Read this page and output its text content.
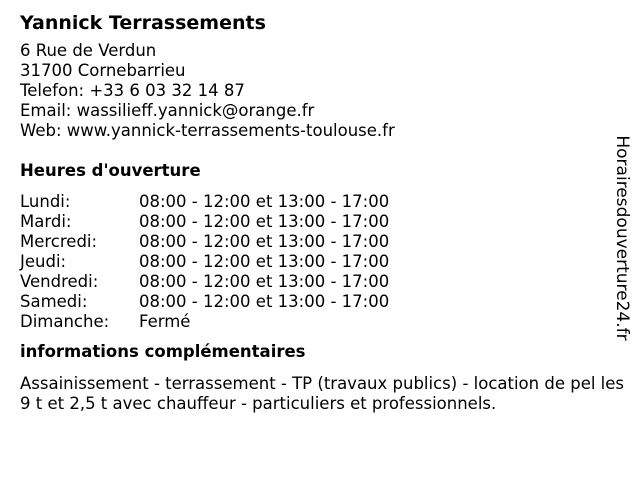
Yannick Terrassements
6 Rue de Verdun
31700 Cornebarrieu
Telefon: +33 6 03 32 14 87
Email: wassilieff.yannick@orange.fr
Web: www.yannick-terrassements-toulouse.fr
Heures d'ouverture
Lundi:	08:00 - 12:00 et 13:00 - 17:00
Mardi:	08:00 - 12:00 et 13:00 - 17:00
Mercredi:	08:00 - 12:00 et 13:00 - 17:00
Jeudi:	08:00 - 12:00 et 13:00 - 17:00
Vendredi:	08:00 - 12:00 et 13:00 - 17:00
Samedi:	08:00 - 12:00 et 13:00 - 17:00
Dimanche:	Fermé
informations complémentaires

Assainissement - terrassement - TP (travaux publics) - location de pel les 9 t et 2,5 t avec chauffeur - particuliers et professionnels.

Horairesdouverture24.fr
